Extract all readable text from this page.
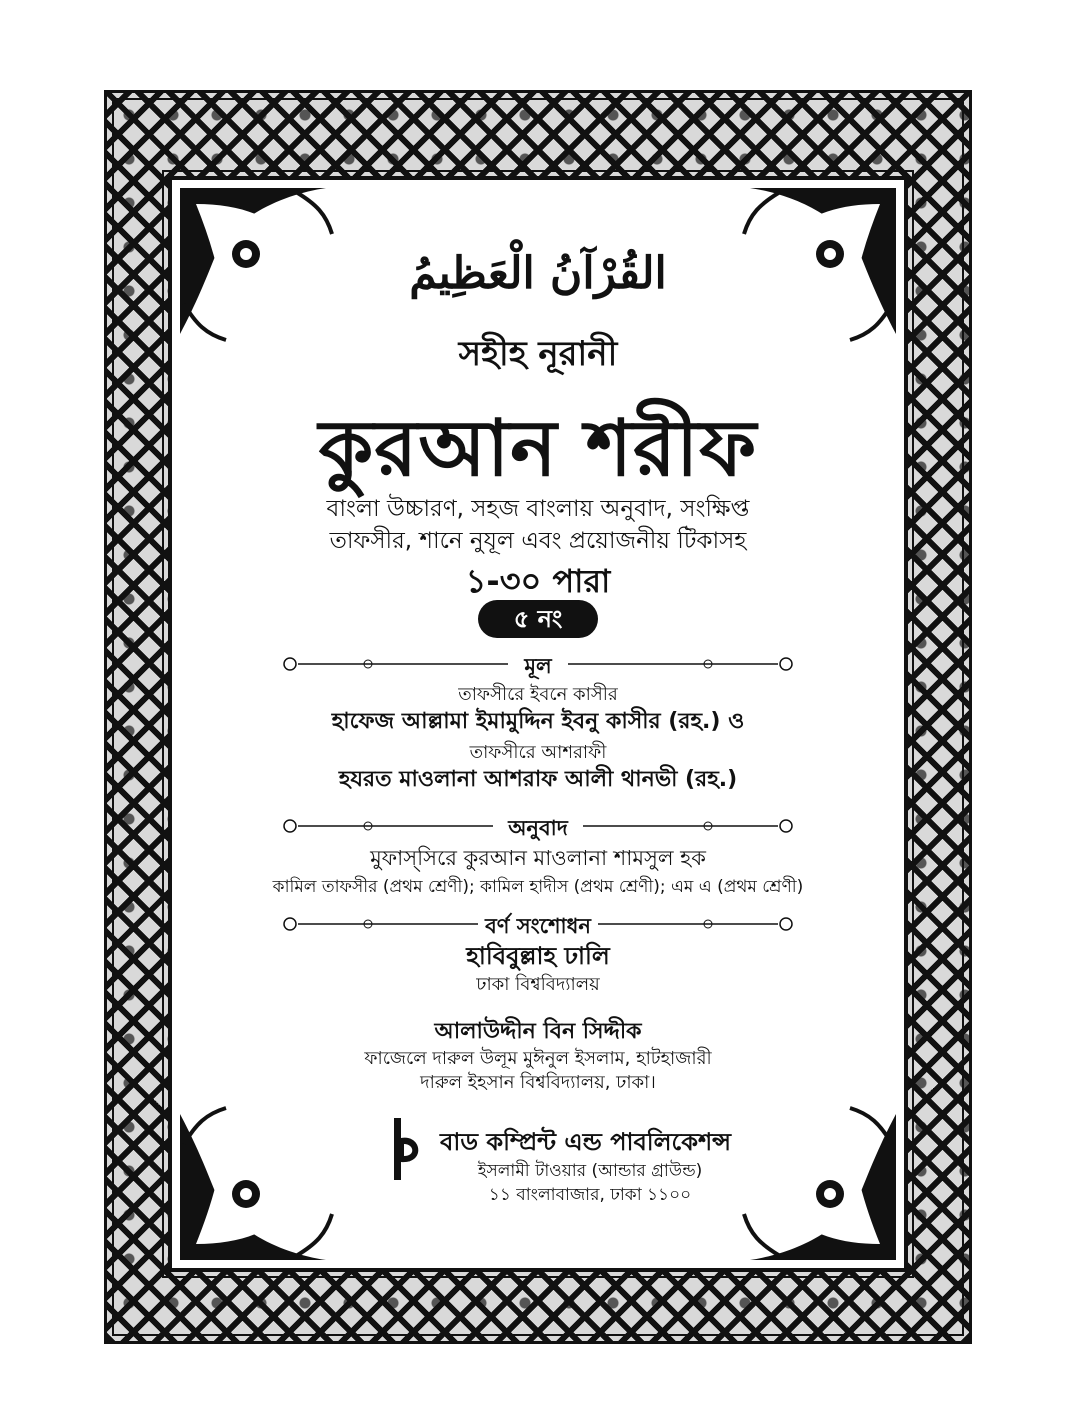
القُرْآنُ الْعَظِيمُ
সহীহ নূরানী
কুরআন শরীফ
বাংলা উচ্চারণ, সহজ বাংলায় অনুবাদ, সংক্ষিপ্ত
তাফসীর, শানে নুযূল এবং প্রয়োজনীয় টিকাসহ
১-৩০ পারা
৫ নং
মূল
তাফসীরে ইবনে কাসীর
হাফেজ আল্লামা ইমামুদ্দিন ইবনু কাসীর (রহ.) ও
তাফসীরে আশরাফী
হযরত মাওলানা আশরাফ আলী থানভী (রহ.)
অনুবাদ
মুফাস্‌সিরে কুরআন মাওলানা শামসুল হক
কামিল তাফসীর (প্রথম শ্রেণী); কামিল হাদীস (প্রথম শ্রেণী); এম এ (প্রথম শ্রেণী)
বর্ণ সংশোধন
হাবিবুল্লাহ ঢালি
ঢাকা বিশ্ববিদ্যালয়
আলাউদ্দীন বিন সিদ্দীক
ফাজেলে দারুল উলূম মুঈনুল ইসলাম, হাটহাজারী
দারুল ইহসান বিশ্ববিদ্যালয়, ঢাকা।
বাড কম্প্রিন্ট এন্ড পাবলিকেশন্স
ইসলামী টাওয়ার (আন্ডার গ্রাউন্ড)
১১ বাংলাবাজার, ঢাকা ১১০০
